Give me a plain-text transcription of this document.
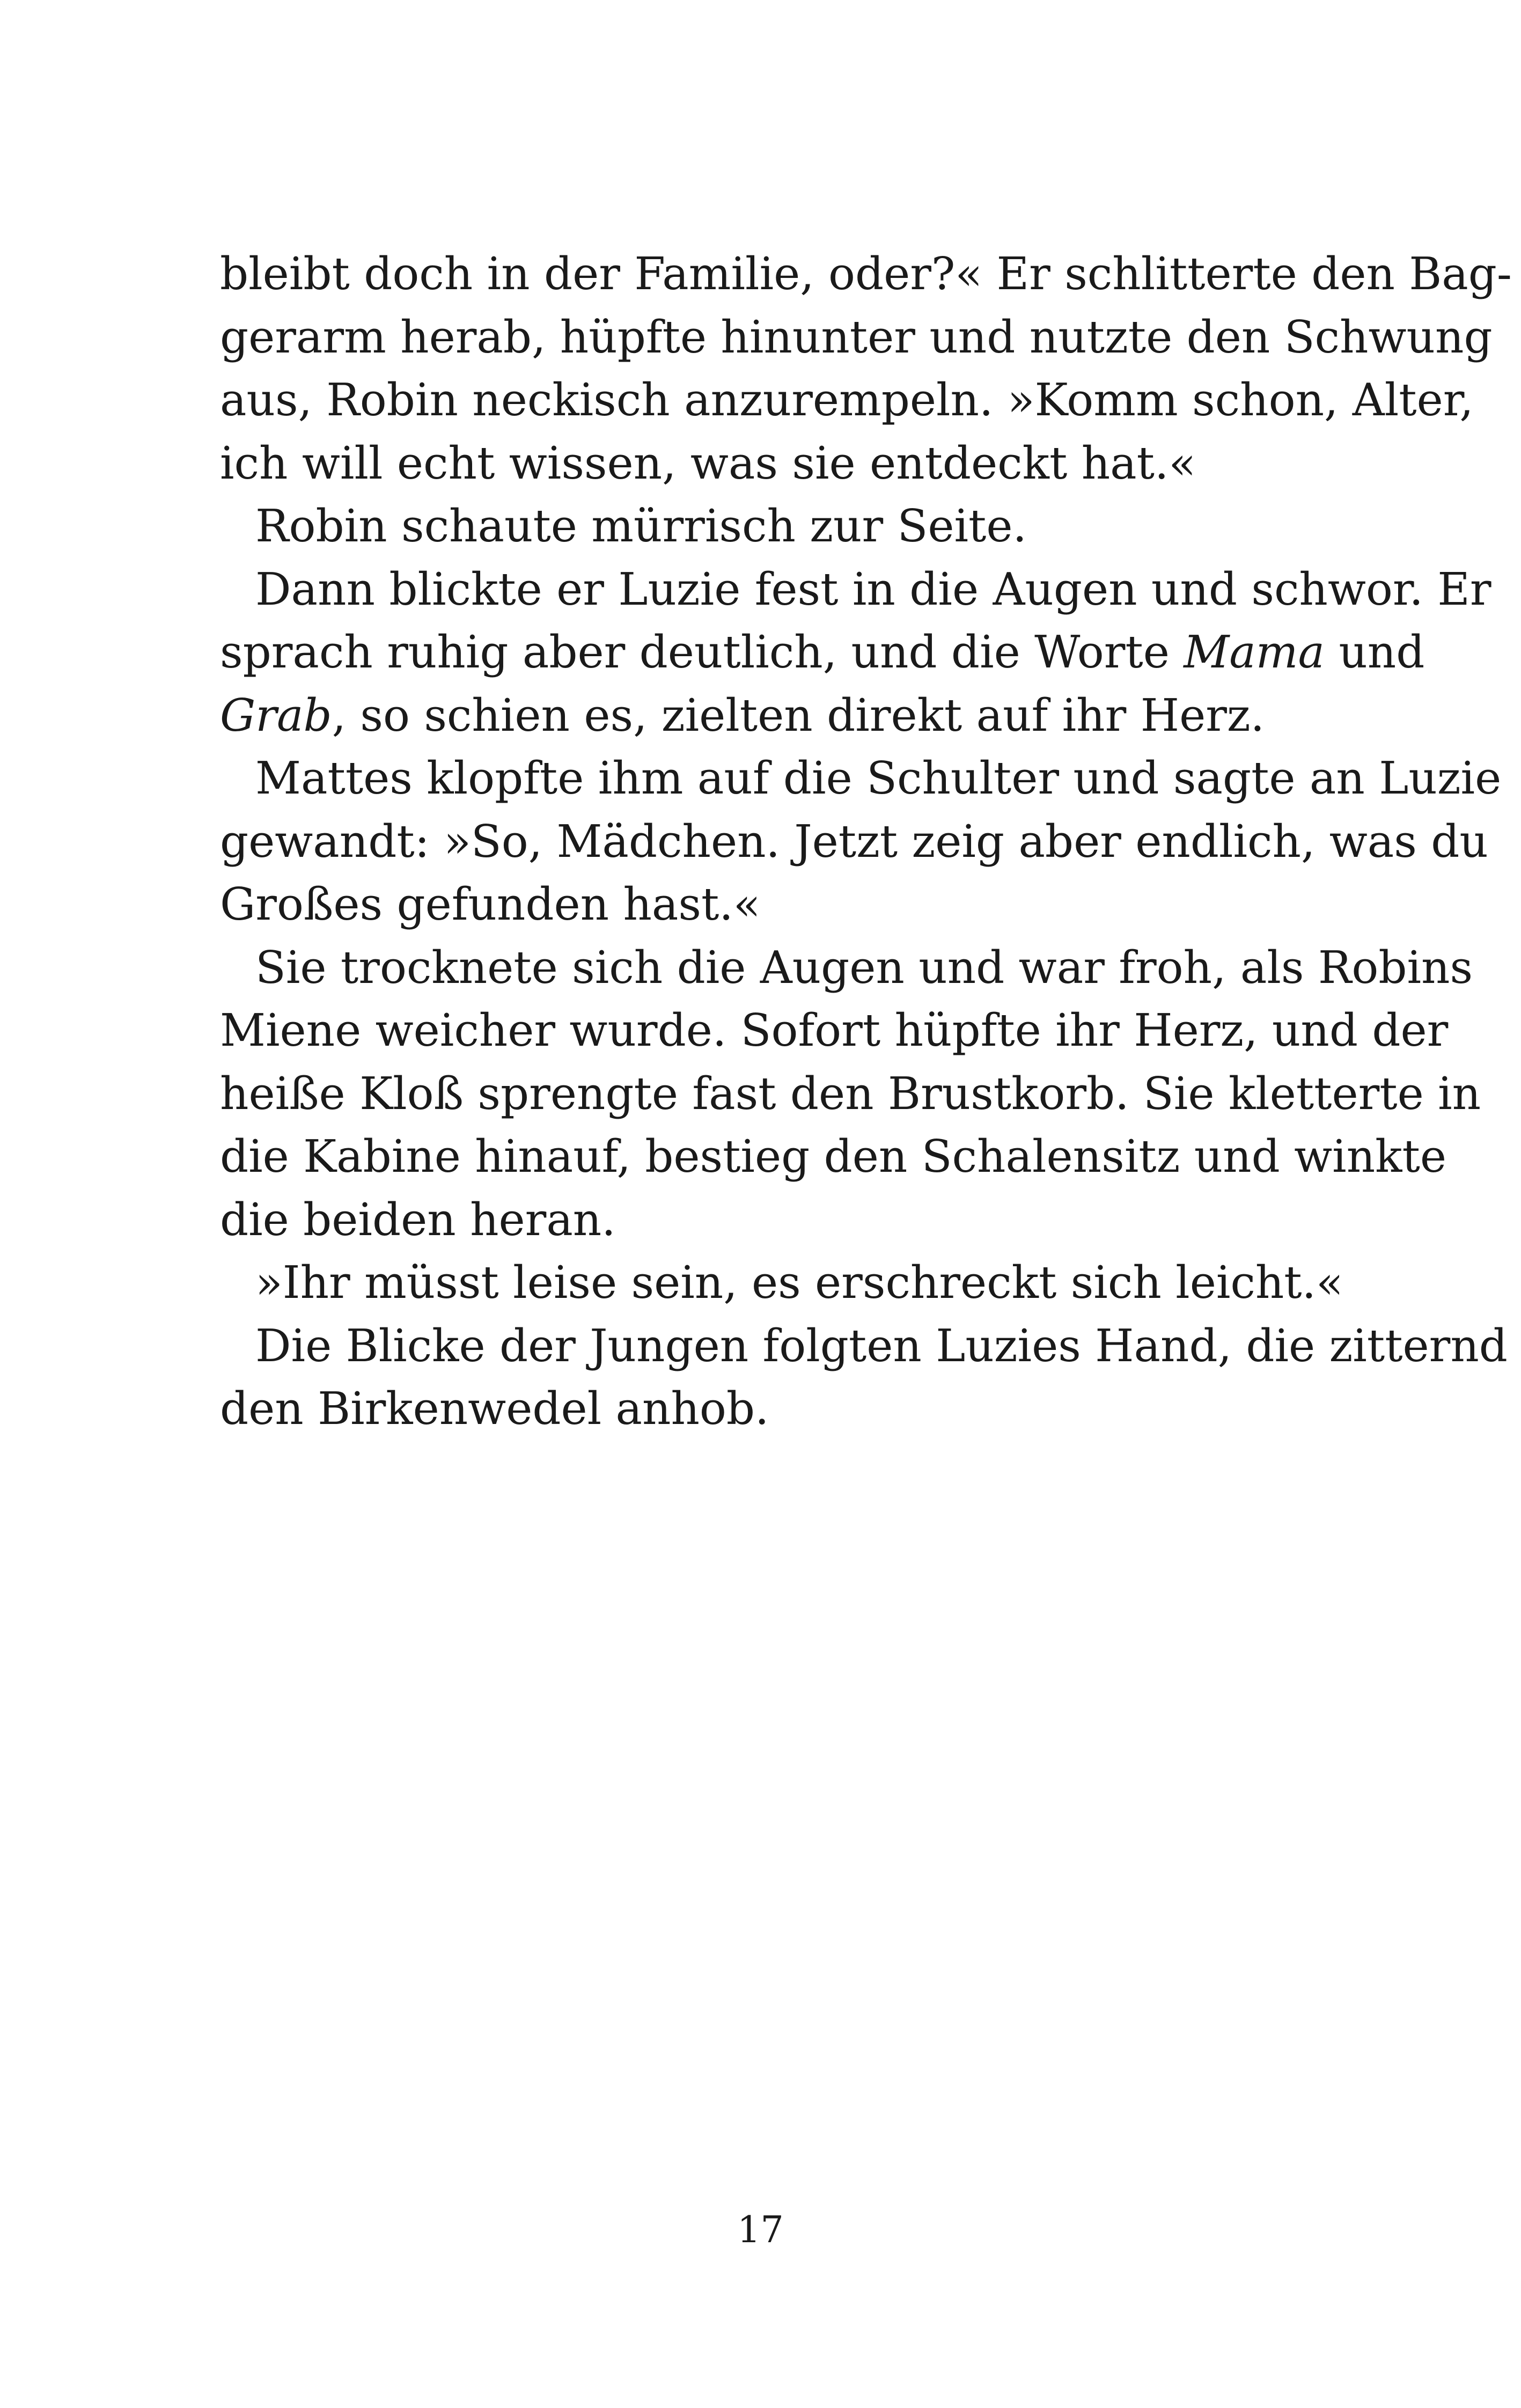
bleibt doch in der Familie, oder?« Er schlitterte den Bag-
gerarm herab, hüpfte hinunter und nutzte den Schwung
aus, Robin neckisch anzurempeln. »Komm schon, Alter,
ich will echt wissen, was sie entdeckt hat.«
Robin schaute mürrisch zur Seite.
Dann blickte er Luzie fest in die Augen und schwor. Er
sprach ruhig aber deutlich, und die Worte Mama und
Grab, so schien es, zielten direkt auf ihr Herz.
Mattes klopfte ihm auf die Schulter und sagte an Luzie
gewandt: »So, Mädchen. Jetzt zeig aber endlich, was du
Großes gefunden hast.«
Sie trocknete sich die Augen und war froh, als Robins
Miene weicher wurde. Sofort hüpfte ihr Herz, und der
heiße Kloß sprengte fast den Brustkorb. Sie kletterte in
die Kabine hinauf, bestieg den Schalensitz und winkte
die beiden heran.
»Ihr müsst leise sein, es erschreckt sich leicht.«
Die Blicke der Jungen folgten Luzies Hand, die zitternd
den Birkenwedel anhob.
17
